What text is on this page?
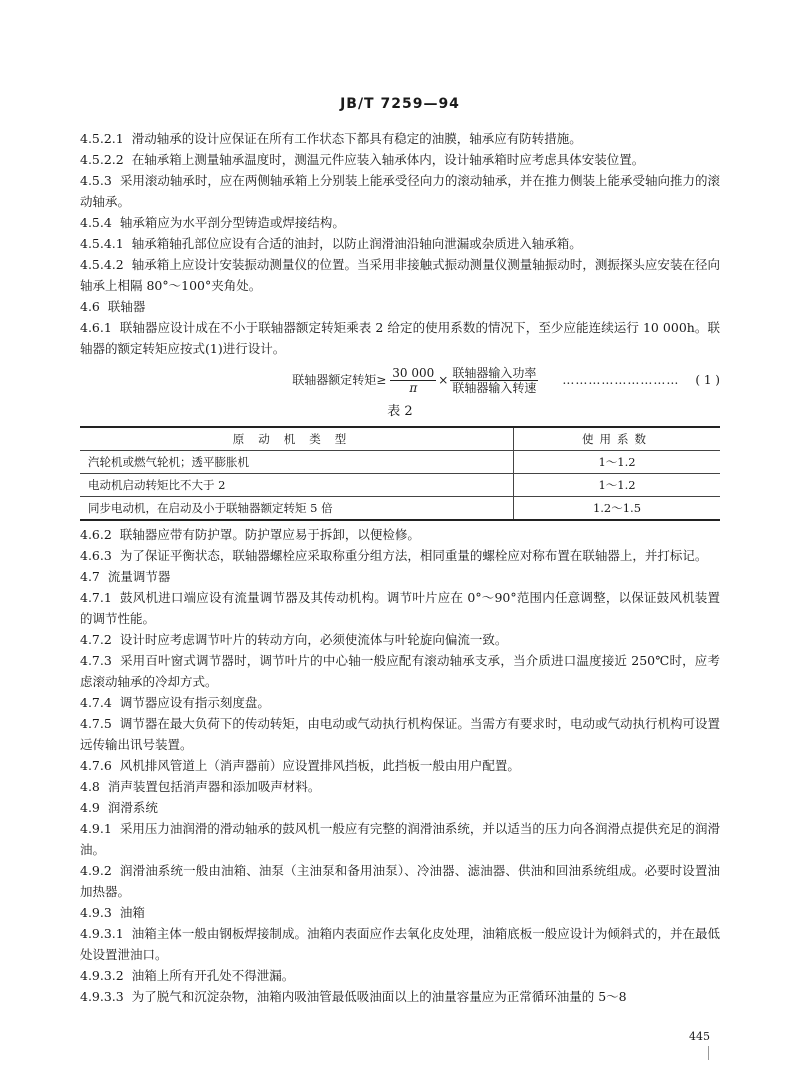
JB/T 7259—94

4.5.2.1 滑动轴承的设计应保证在所有工作状态下都具有稳定的油膜，轴承应有防转措施。

4.5.2.2 在轴承箱上测量轴承温度时，测温元件应装入轴承体内，设计轴承箱时应考虑具体安装位置。

4.5.3 采用滚动轴承时，应在两侧轴承箱上分别装上能承受径向力的滚动轴承，并在推力侧装上能承受轴向推力的滚动轴承。

4.5.4 轴承箱应为水平剖分型铸造或焊接结构。

4.5.4.1 轴承箱轴孔部位应设有合适的油封，以防止润滑油沿轴向泄漏或杂质进入轴承箱。

4.5.4.2 轴承箱上应设计安装振动测量仪的位置。当采用非接触式振动测量仪测量轴振动时，测振探头应安装在径向轴承上相隔 80°～100°夹角处。

4.6 联轴器

4.6.1 联轴器应设计成在不小于联轴器额定转矩乘表 2 给定的使用系数的情况下，至少应能连续运行 10 000h。联轴器的额定转矩应按式(1)进行设计。

联轴器额定转矩≥ $\frac{30 000}{\pi} \times \frac{\text{联轴器输入功率}}{\text{联轴器输入转速}}$ ……………………… ( 1 )
表 2
原动机类型	使用系数
汽轮机或燃气轮机；透平膨胀机	1～1.2
电动机启动转矩比不大于 2	1～1.2
同步电动机，在启动及小于联轴器额定转矩 5 倍	1.2～1.5

4.6.2 联轴器应带有防护罩。防护罩应易于拆卸，以便检修。

4.6.3 为了保证平衡状态，联轴器螺栓应采取称重分组方法，相同重量的螺栓应对称布置在联轴器上，并打标记。

4.7 流量调节器

4.7.1 鼓风机进口端应设有流量调节器及其传动机构。调节叶片应在 0°～90°范围内任意调整，以保证鼓风机装置的调节性能。

4.7.2 设计时应考虑调节叶片的转动方向，必须使流体与叶轮旋向偏流一致。

4.7.3 采用百叶窗式调节器时，调节叶片的中心轴一般应配有滚动轴承支承，当介质进口温度接近 250℃时，应考虑滚动轴承的冷却方式。

4.7.4 调节器应设有指示刻度盘。

4.7.5 调节器在最大负荷下的传动转矩，由电动或气动执行机构保证。当需方有要求时，电动或气动执行机构可设置远传输出讯号装置。

4.7.6 风机排风管道上（消声器前）应设置排风挡板，此挡板一般由用户配置。

4.8 消声装置包括消声器和添加吸声材料。

4.9 润滑系统

4.9.1 采用压力油润滑的滑动轴承的鼓风机一般应有完整的润滑油系统，并以适当的压力向各润滑点提供充足的润滑油。

4.9.2 润滑油系统一般由油箱、油泵（主油泵和备用油泵）、冷油器、滤油器、供油和回油系统组成。必要时设置油加热器。

4.9.3 油箱

4.9.3.1 油箱主体一般由钢板焊接制成。油箱内表面应作去氧化皮处理，油箱底板一般应设计为倾斜式的，并在最低处设置泄油口。

4.9.3.2 油箱上所有开孔处不得泄漏。

4.9.3.3 为了脱气和沉淀杂物，油箱内吸油管最低吸油面以上的油量容量应为正常循环油量的 5～8

445
